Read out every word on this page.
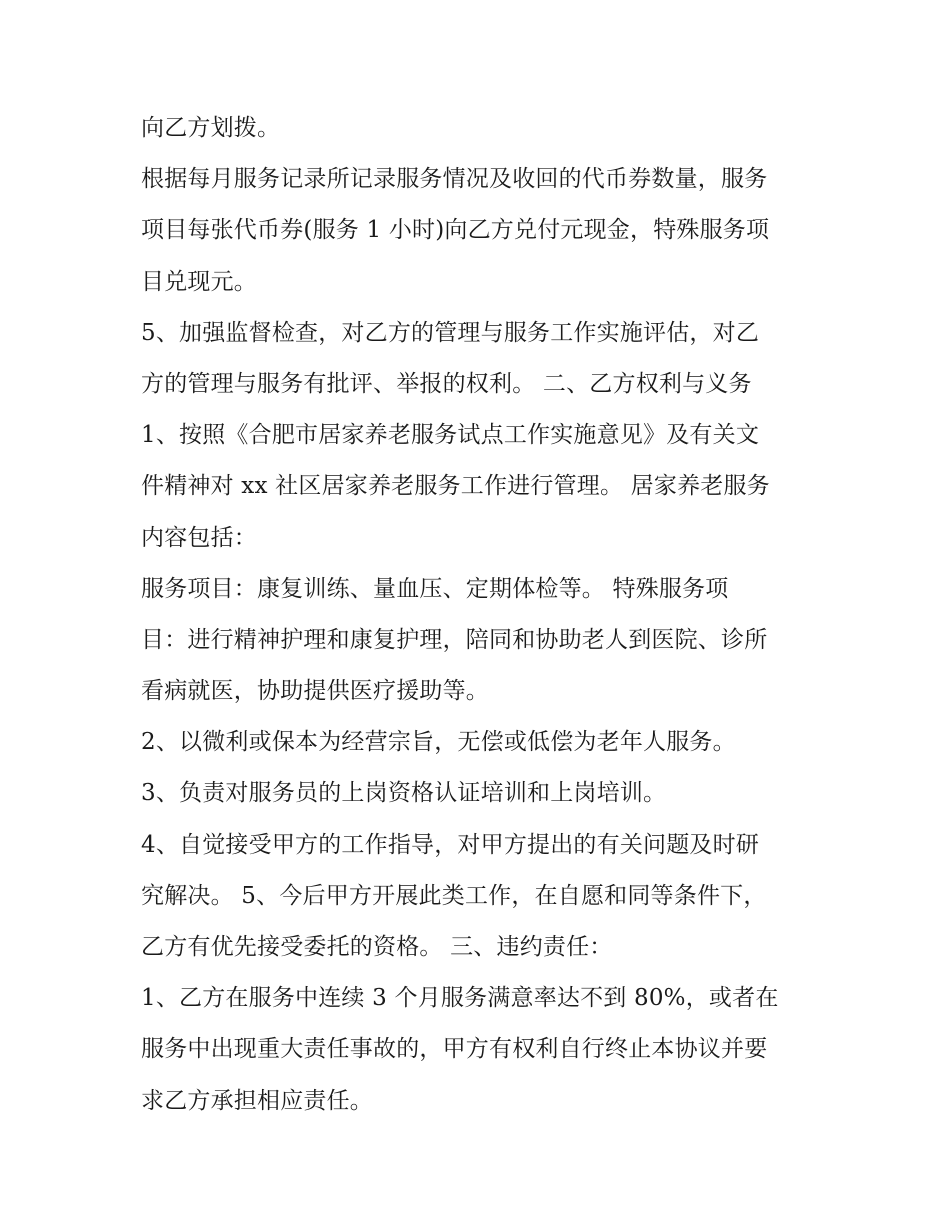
向乙方划拨。
根据每月服务记录所记录服务情况及收回的代币券数量，服务
项目每张代币券(服务 1 小时)向乙方兑付元现金，特殊服务项
目兑现元。
5、加强监督检查，对乙方的管理与服务工作实施评估，对乙
方的管理与服务有批评、举报的权利。 二、乙方权利与义务
1、按照《合肥市居家养老服务试点工作实施意见》及有关文
件精神对 xx 社区居家养老服务工作进行管理。 居家养老服务
内容包括：
服务项目：康复训练、量血压、定期体检等。 特殊服务项
目：进行精神护理和康复护理，陪同和协助老人到医院、诊所
看病就医，协助提供医疗援助等。
2、以微利或保本为经营宗旨，无偿或低偿为老年人服务。
3、负责对服务员的上岗资格认证培训和上岗培训。
4、自觉接受甲方的工作指导，对甲方提出的有关问题及时研
究解决。 5、今后甲方开展此类工作，在自愿和同等条件下，
乙方有优先接受委托的资格。 三、违约责任：
1、乙方在服务中连续 3 个月服务满意率达不到 80%，或者在
服务中出现重大责任事故的，甲方有权利自行终止本协议并要
求乙方承担相应责任。
